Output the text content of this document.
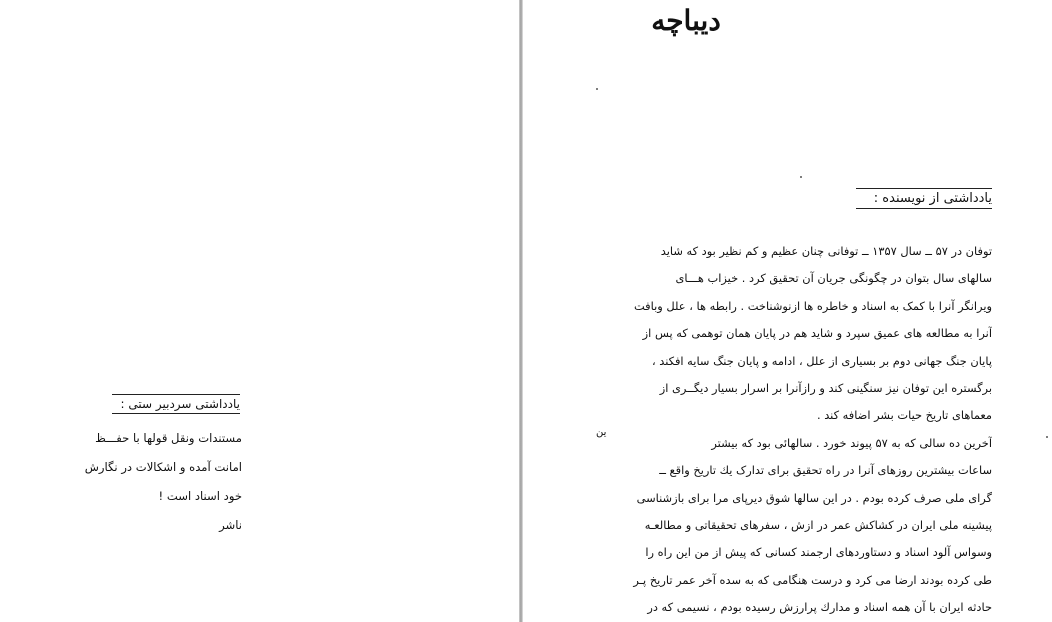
دیباچه
یادداشتی از نویسنده :
توفان در ۵۷ ــ سال ۱۳۵۷ ــ توفانی چنان عظیم و کم نظیر بود که شاید
سالهای سال بتوان در چگونگی جریان آن تحقیق کرد . خیزاب هـــای
ویرانگر آنرا با کمک به اسناد و خاطره ها ازنوشناخت . رابطه ها ، علل وبافت
آنرا به مطالعه های عمیق سپرد و شاید هم در پایان همان توهمی که پس از
پایان جنگ جهانی دوم بر بسیاری از علل ، ادامه و پایان جنگ سایه افکند ،
برگستره این توفان نیز سنگینی کند و رازآنرا بر اسرار بسیار دیگــری از
معماهای تاریخ حیات بشر اضافه کند .
آخرین ده سالی که به ۵۷ پیوند خورد . سالهائی بود که بیشتر
ساعات بیشترین روزهای آنرا در راه تحقیق برای تدارک یك تاریخ واقع ــ
گرای ملی صرف کرده بودم . در این سالها شوق دیرپای مرا برای بازشناسی
پیشینه ملی ایران در کشاکش عمر در ازش ، سفرهای تحقیقاتی و مطالعـه
وسواس آلود اسناد و دستاوردهای ارجمند کسانی که پیش از من این راه را
طی کرده بودند ارضا می کرد و درست هنگامی که به سده آخر عمر تاریخ پـر
حادثه ایران با آن همه اسناد و مدارك پرارزش رسیده بودم ، نسیمی که در
ین
یادداشتی سردبیر ستی :
مستندات ونقل قولها با حفـــظ
امانت آمده و اشکالات در نگارش
خود اسناد است !
ناشر
